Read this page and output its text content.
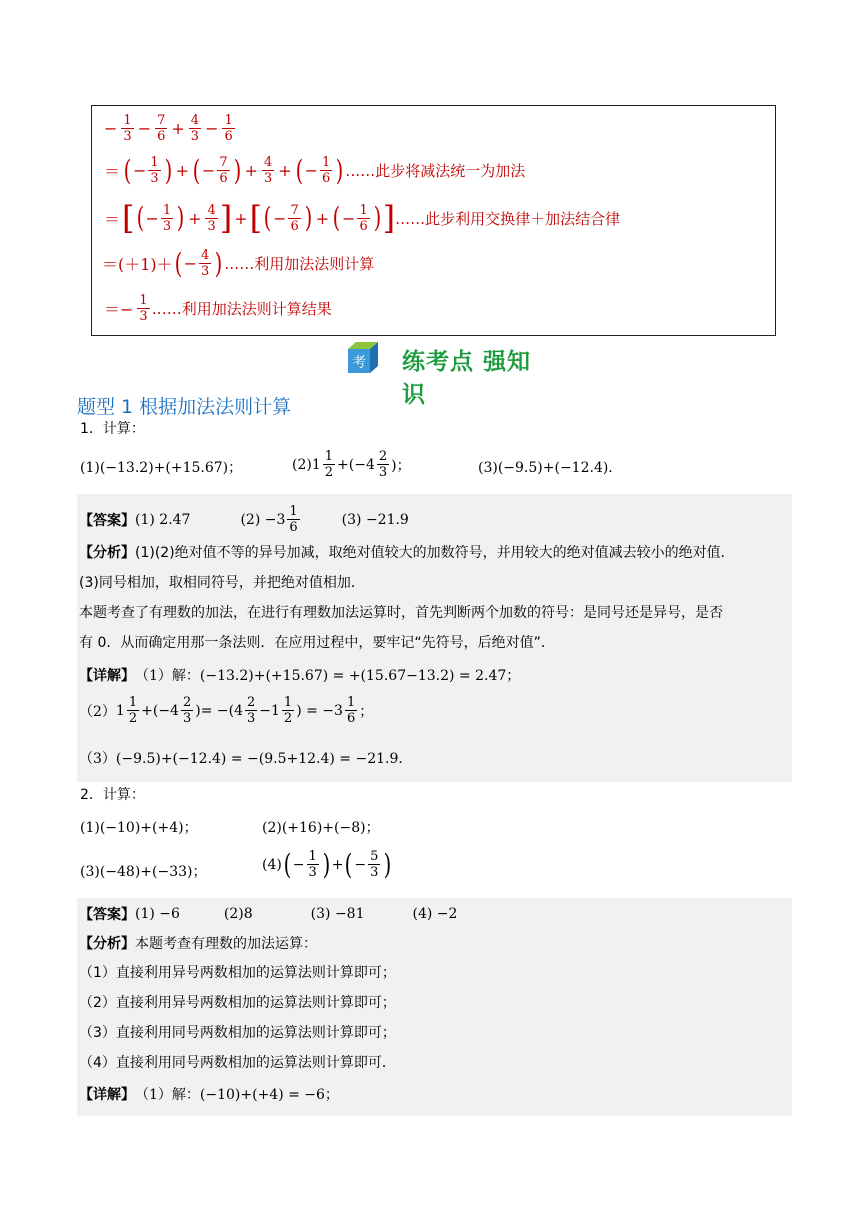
− $\frac{1}{3} - \frac{7}{6} + \frac{4}{3} - \frac{1}{6}$
＝ ( − $\frac{1}{3}$ ) + ( − $\frac{7}{6}$ ) + $\frac{4}{3}$ + ( − $\frac{1}{6}$ ) ……此步将减法统一为加法
＝ [ ( − $\frac{1}{3}$ ) + $\frac{4}{3}$ ] + [ ( − $\frac{7}{6}$ ) + ( − $\frac{1}{6}$ ) ] ……此步利用交换律＋加法结合律
＝(＋1)＋ ( − $\frac{4}{3}$ ) ……利用加法法则计算
＝− $\frac{1}{3}$ ……利用加法法则计算结果
考 练考点 强知识
题型 1 根据加法法则计算
1．计算：
(1)(−13.2)+(+15.67)；	(2) $1 \frac{1}{2} +(-4 \frac{2}{3}$ )；	(3)(−9.5)+(−12.4)．
【答案】 (1) 2.47	$(2) -3 \frac{1}{6}$	(3) −21.9
【分析】 (1)(2)绝对值不等的异号加减，取绝对值较大的加数符号，并用较大的绝对值减去较小的绝对值．
(3)同号相加，取相同符号，并把绝对值相加．
本题考查了有理数的加法，在进行有理数加法运算时，首先判断两个加数的符号：是同号还是异号，是否
有 0．从而确定用那一条法则．在应用过程中，要牢记“先符号，后绝对值”．
【详解】 （1）解：(−13.2)+(+15.67) = +(15.67−13.2) = 2.47；
（2） $1 \frac{1}{2} +(-4 \frac{2}{3}$ ) = $-(4 \frac{2}{3} -1 \frac{1}{2}$ ) = $-3 \frac{1}{6}$ ；
（3）(−9.5)+(−12.4) = −(9.5+12.4) = −21.9．
2．计算：
(1)(−10)+(+4)；	(2)(+16)+(−8)；
(3)(−48)+(−33)；	(4) ( − $\frac{1}{3}$ ) + ( − $\frac{5}{3}$ )
【答案】 (1) −6	(2)8	(3) −81	(4) −2
【分析】 本题考查有理数的加法运算：
（1）直接利用异号两数相加的运算法则计算即可；
（2）直接利用异号两数相加的运算法则计算即可；
（3）直接利用同号两数相加的运算法则计算即可；
（4）直接利用同号两数相加的运算法则计算即可．
【详解】 （1）解：(−10)+(+4) = −6；
